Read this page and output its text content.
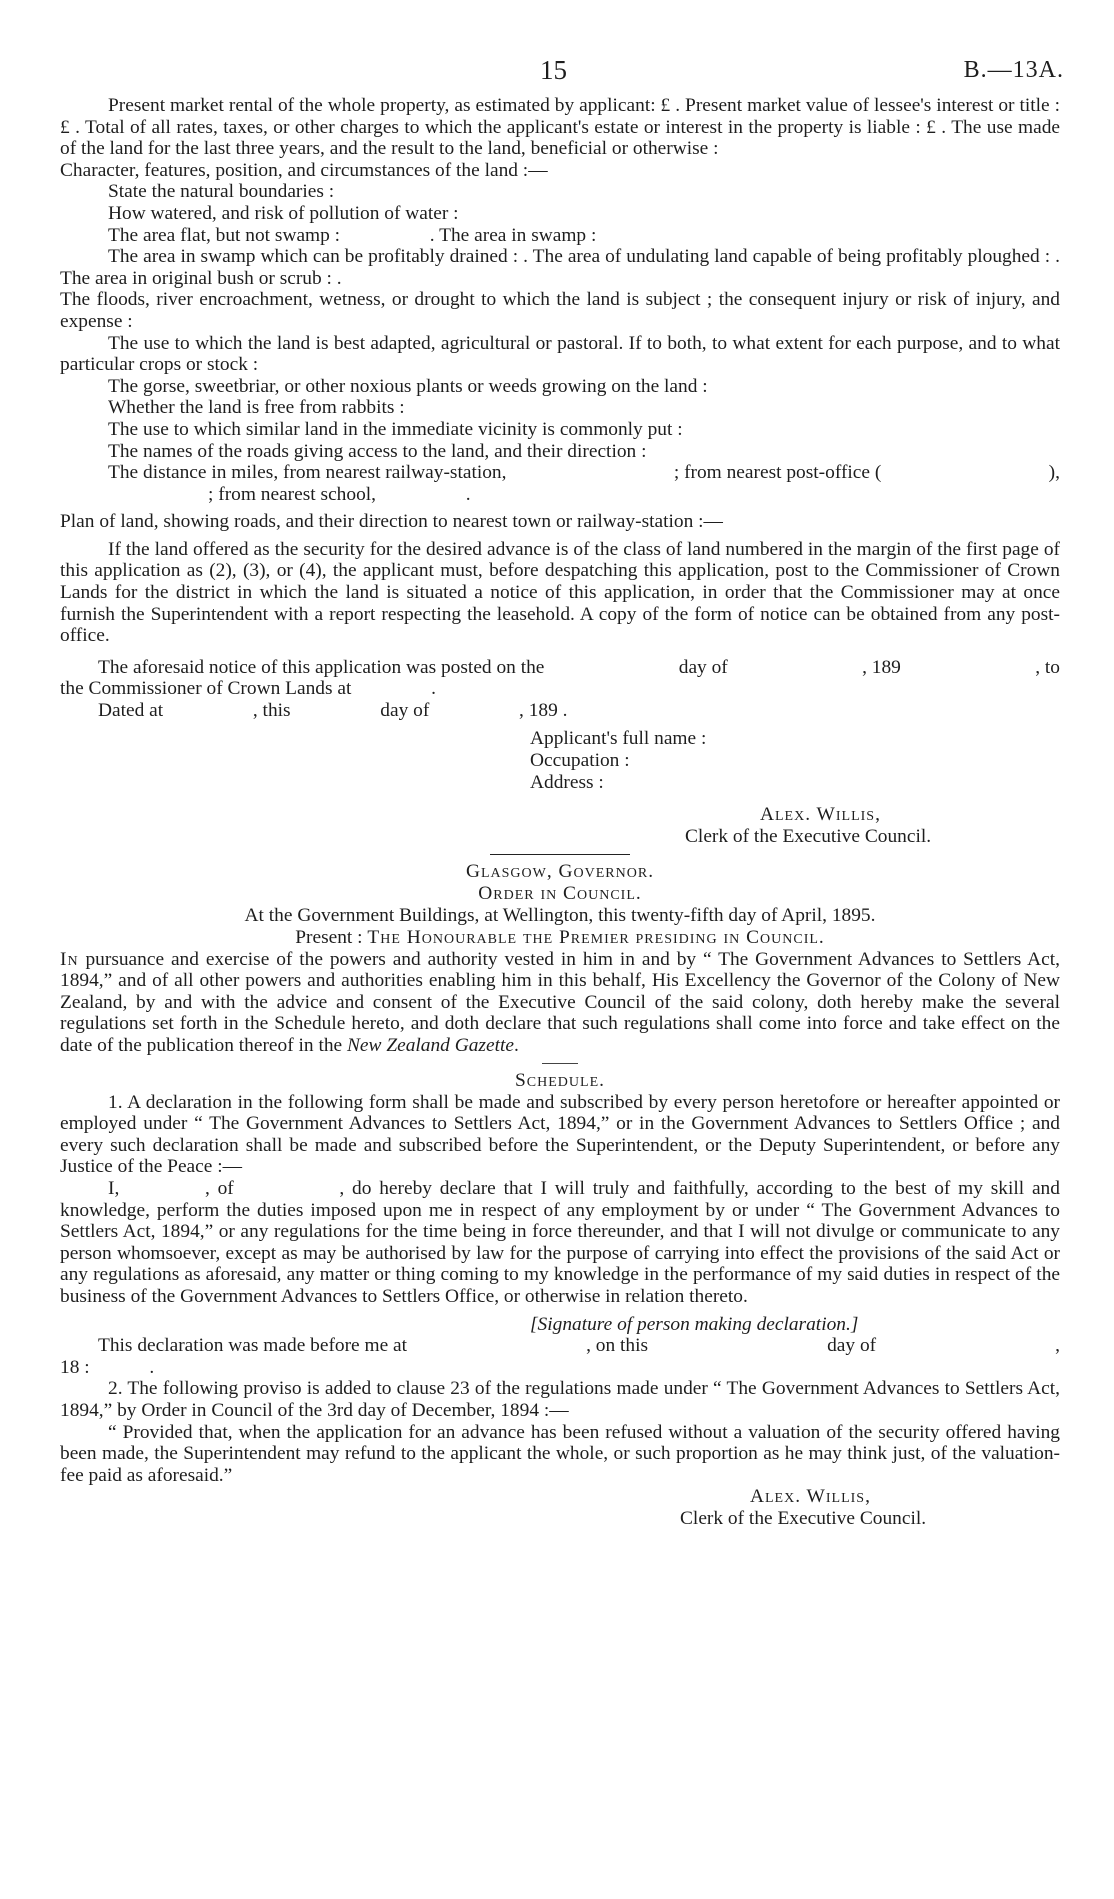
15	B.—13A.

Present market rental of the whole property, as estimated by applicant: £ . Present market value of lessee's interest or title : £ . Total of all rates, taxes, or other charges to which the applicant's estate or interest in the property is liable : £ . The use made of the land for the last three years, and the result to the land, beneficial or otherwise :

Character, features, position, and circumstances of the land :—

State the natural boundaries :

How watered, and risk of pollution of water :

The area flat, but not swamp :	. The area in swamp :

The area in swamp which can be profitably drained : . The area of undulating land capable of being profitably ploughed : . The area in original bush or scrub : .

The floods, river encroachment, wetness, or drought to which the land is subject ; the consequent injury or risk of injury, and expense :

The use to which the land is best adapted, agricultural or pastoral. If to both, to what extent for each purpose, and to what particular crops or stock :

The gorse, sweetbriar, or other noxious plants or weeds growing on the land :

Whether the land is free from rabbits :

The use to which similar land in the immediate vicinity is commonly put :

The names of the roads giving access to the land, and their direction :

The distance in miles, from nearest railway-station,	; from nearest post-office (	),

; from nearest school,	.

Plan of land, showing roads, and their direction to nearest town or railway-station :—

If the land offered as the security for the desired advance is of the class of land numbered in the margin of the first page of this application as (2), (3), or (4), the applicant must, before despatching this application, post to the Commissioner of Crown Lands for the district in which the land is situated a notice of this application, in order that the Commissioner may at once furnish the Superintendent with a report respecting the leasehold. A copy of the form of notice can be obtained from any post-office.

The aforesaid notice of this application was posted on the	day of	, 189	, to

the Commissioner of Crown Lands at	.

Dated at	, this	day of	, 189 .

Applicant's full name :
Occupation :
Address :
Alex. Willis,
Clerk of the Executive Council.

Glasgow, Governor.

Order in Council.

At the Government Buildings, at Wellington, this twenty-fifth day of April, 1895.

Present : The Honourable the Premier presiding in Council.

In pursuance and exercise of the powers and authority vested in him in and by “ The Government Advances to Settlers Act, 1894,” and of all other powers and authorities enabling him in this behalf, His Excellency the Governor of the Colony of New Zealand, by and with the advice and consent of the Executive Council of the said colony, doth hereby make the several regulations set forth in the Schedule hereto, and doth declare that such regulations shall come into force and take effect on the date of the publication thereof in the New Zealand Gazette.

Schedule.

1. A declaration in the following form shall be made and subscribed by every person heretofore or hereafter appointed or employed under “ The Government Advances to Settlers Act, 1894,” or in the Government Advances to Settlers Office ; and every such declaration shall be made and subscribed before the Superintendent, or the Deputy Superintendent, or before any Justice of the Peace :—

I,	, of	, do hereby declare that I will truly and faithfully, according to the best of my skill and knowledge, perform the duties imposed upon me in respect of any employment by or under “ The Government Advances to Settlers Act, 1894,” or any regulations for the time being in force thereunder, and that I will not divulge or communicate to any person whomsoever, except as may be authorised by law for the purpose of carrying into effect the provisions of the said Act or any regulations as aforesaid, any matter or thing coming to my knowledge in the performance of my said duties in respect of the business of the Government Advances to Settlers Office, or otherwise in relation thereto.

[Signature of person making declaration.]

This declaration was made before me at	, on this	day of	,

18 :	.

2. The following proviso is added to clause 23 of the regulations made under “ The Government Advances to Settlers Act, 1894,” by Order in Council of the 3rd day of December, 1894 :—

“ Provided that, when the application for an advance has been refused without a valuation of the security offered having been made, the Superintendent may refund to the applicant the whole, or such proportion as he may think just, of the valuation-fee paid as aforesaid.”

Alex. Willis,
Clerk of the Executive Council.
